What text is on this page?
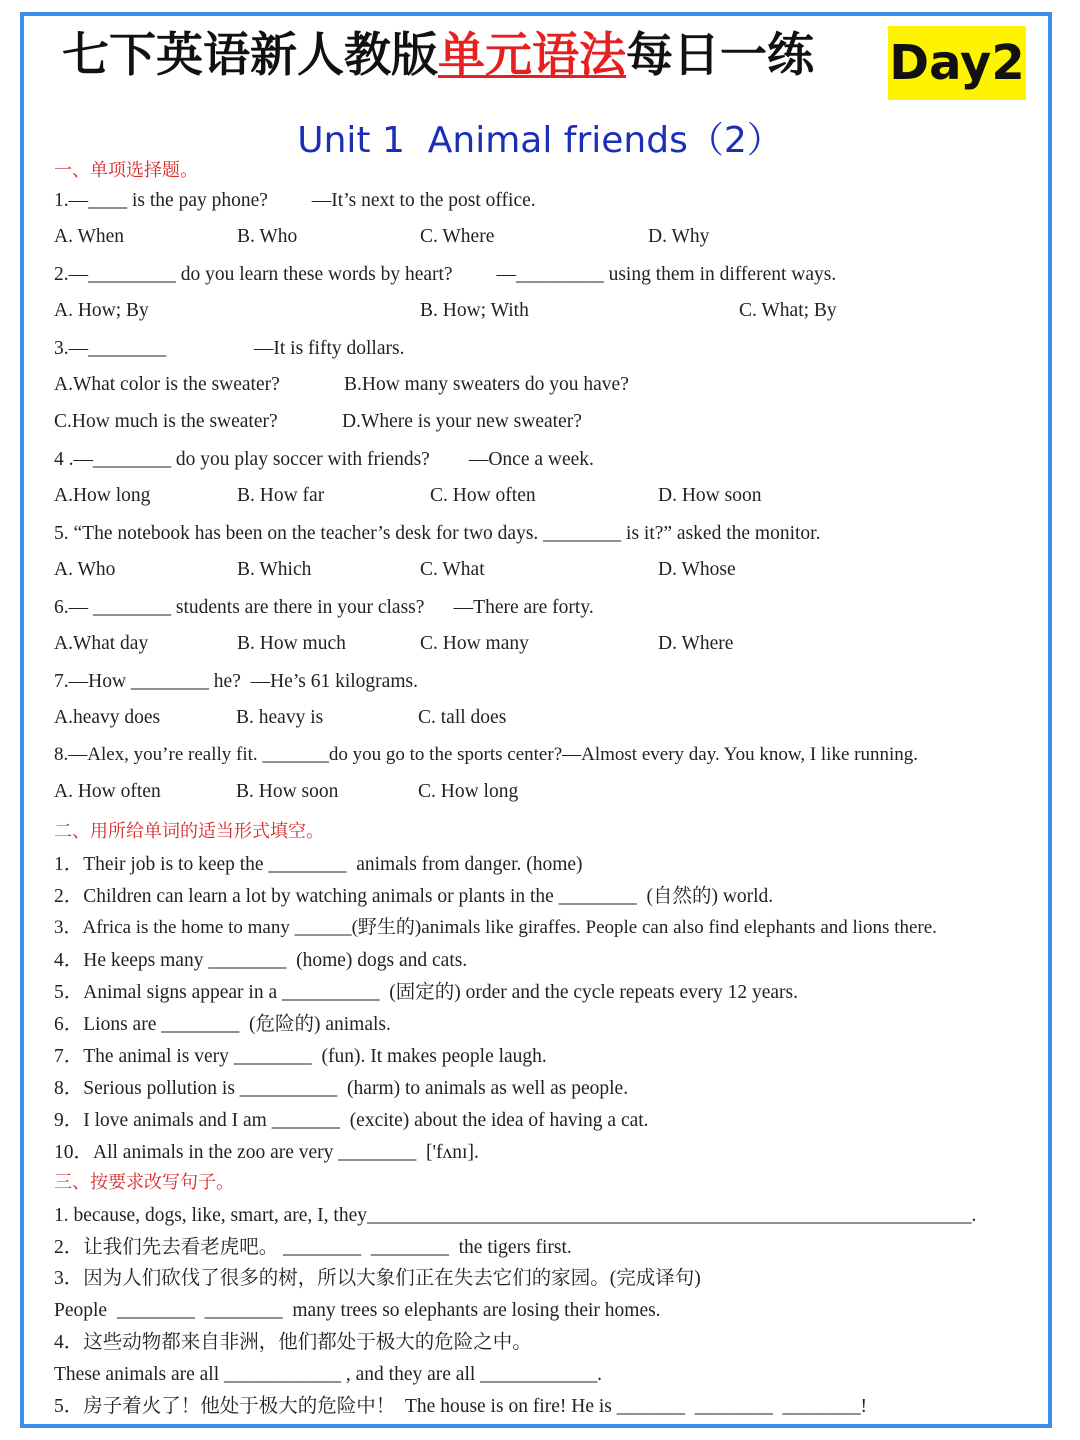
七下英语新人教版单元语法每日一练 Day2
Unit 1  Animal friends（2）
一、单项选择题。
1.—____ is the pay phone?         —It’s next to the post office.
A. When	B. Who	C. Where	D. Why
2.—_________ do you learn these words by heart?         —_________ using them in different ways.
A. How; By	B. How; With	C. What; By
3.—________                  —It is fifty dollars.
A.What color is the sweater?	B.How many sweaters do you have?
C.How much is the sweater?	D.Where is your new sweater?
4 .—________ do you play soccer with friends?        —Once a week.
A.How long	B. How far	C. How often	D. How soon
5. “The notebook has been on the teacher’s desk for two days. ________ is it?” asked the monitor.
A. Who	B. Which	C. What	D. Whose
6.— ________ students are there in your class?      —There are forty.
A.What day	B. How much	C. How many	D. Where
7.—How ________ he?  —He’s 61 kilograms.
A.heavy does	B. heavy is	C. tall does
8.—Alex, you’re really fit. _______do you go to the sports center?—Almost every day. You know, I like running.
A. How often	B. How soon	C. How long
二、用所给单词的适当形式填空。
1．Their job is to keep the ________  animals from danger. (home)
2．Children can learn a lot by watching animals or plants in the ________  (自然的) world.
3．Africa is the home to many ______(野生的)animals like giraffes. People can also find elephants and lions there.
4．He keeps many ________  (home) dogs and cats.
5．Animal signs appear in a __________  (固定的) order and the cycle repeats every 12 years.
6．Lions are ________  (危险的) animals.
7．The animal is very ________  (fun). It makes people laugh.
8．Serious pollution is __________  (harm) to animals as well as people.
9．I love animals and I am _______  (excite) about the idea of having a cat.
10．All animals in the zoo are very ________  ['fʌnɪ].
三、按要求改写句子。
1. because, dogs, like, smart, are, I, they______________________________________________________________.
2．让我们先去看老虎吧。 ________  ________  the tigers first.
3．因为人们砍伐了很多的树，所以大象们正在失去它们的家园。(完成译句)
People  ________  ________  many trees so elephants are losing their homes.
4．这些动物都来自非洲，他们都处于极大的危险之中。
These animals are all ____________ , and they are all ____________.
5．房子着火了！他处于极大的危险中！  The house is on fire! He is _______  ________  ________!
